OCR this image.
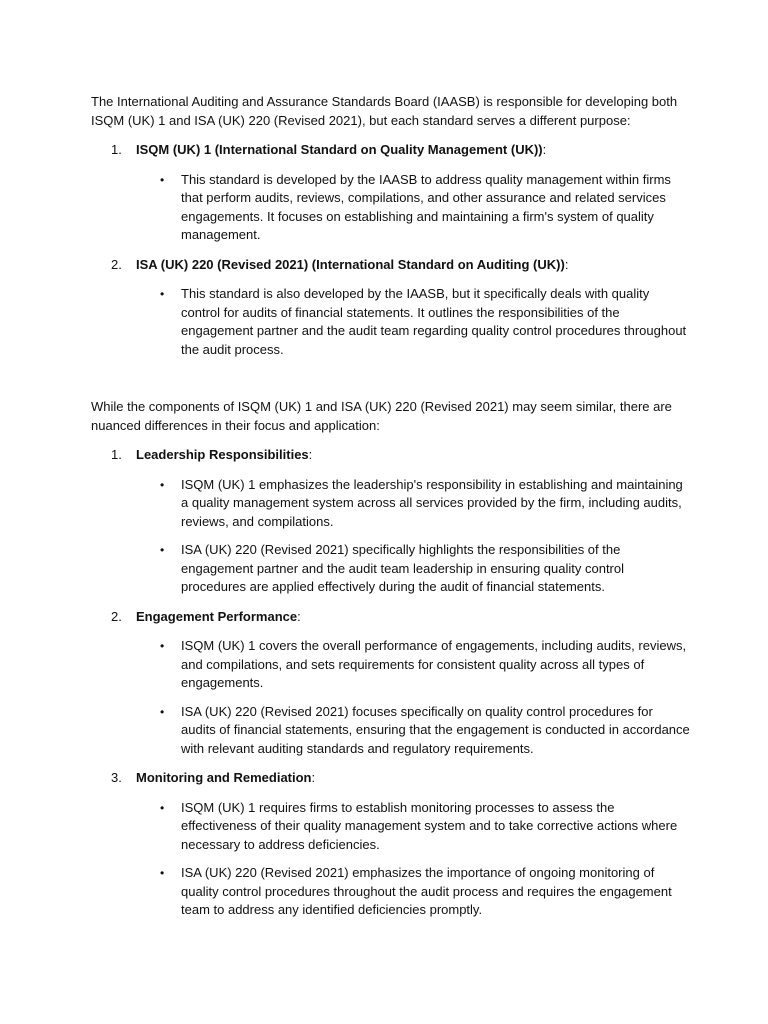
The International Auditing and Assurance Standards Board (IAASB) is responsible for developing both ISQM (UK) 1 and ISA (UK) 220 (Revised 2021), but each standard serves a different purpose:

1. ISQM (UK) 1 (International Standard on Quality Management (UK)):
• This standard is developed by the IAASB to address quality management within firms that perform audits, reviews, compilations, and other assurance and related services engagements. It focuses on establishing and maintaining a firm's system of quality management.
2. ISA (UK) 220 (Revised 2021) (International Standard on Auditing (UK)):
• This standard is also developed by the IAASB, but it specifically deals with quality control for audits of financial statements. It outlines the responsibilities of the engagement partner and the audit team regarding quality control procedures throughout the audit process.

While the components of ISQM (UK) 1 and ISA (UK) 220 (Revised 2021) may seem similar, there are nuanced differences in their focus and application:

1. Leadership Responsibilities:
• ISQM (UK) 1 emphasizes the leadership's responsibility in establishing and maintaining a quality management system across all services provided by the firm, including audits, reviews, and compilations.
• ISA (UK) 220 (Revised 2021) specifically highlights the responsibilities of the engagement partner and the audit team leadership in ensuring quality control procedures are applied effectively during the audit of financial statements.
2. Engagement Performance:
• ISQM (UK) 1 covers the overall performance of engagements, including audits, reviews, and compilations, and sets requirements for consistent quality across all types of engagements.
• ISA (UK) 220 (Revised 2021) focuses specifically on quality control procedures for audits of financial statements, ensuring that the engagement is conducted in accordance with relevant auditing standards and regulatory requirements.
3. Monitoring and Remediation:
• ISQM (UK) 1 requires firms to establish monitoring processes to assess the effectiveness of their quality management system and to take corrective actions where necessary to address deficiencies.
• ISA (UK) 220 (Revised 2021) emphasizes the importance of ongoing monitoring of quality control procedures throughout the audit process and requires the engagement team to address any identified deficiencies promptly.
